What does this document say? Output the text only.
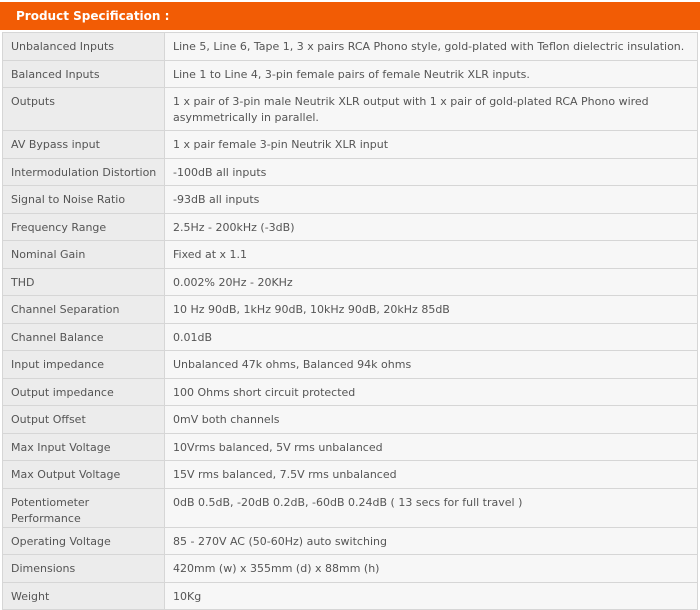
Product Specification :
Unbalanced Inputs	Line 5, Line 6, Tape 1, 3 x pairs RCA Phono style, gold-plated with Teflon dielectric insulation.
Balanced Inputs	Line 1 to Line 4, 3-pin female pairs of female Neutrik XLR inputs.
Outputs	1 x pair of 3-pin male Neutrik XLR output with 1 x pair of gold-plated RCA Phono wired asymmetrically in parallel.
AV Bypass input	1 x pair female 3-pin Neutrik XLR input
Intermodulation Distortion	-100dB all inputs
Signal to Noise Ratio	-93dB all inputs
Frequency Range	2.5Hz - 200kHz (-3dB)
Nominal Gain	Fixed at x 1.1
THD	0.002% 20Hz - 20KHz
Channel Separation	10 Hz 90dB, 1kHz 90dB, 10kHz 90dB, 20kHz 85dB
Channel Balance	0.01dB
Input impedance	Unbalanced 47k ohms, Balanced 94k ohms
Output impedance	100 Ohms short circuit protected
Output Offset	0mV both channels
Max Input Voltage	10Vrms balanced, 5V rms unbalanced
Max Output Voltage	15V rms balanced, 7.5V rms unbalanced
Potentiometer Performance	0dB 0.5dB, -20dB 0.2dB, -60dB 0.24dB ( 13 secs for full travel )
Operating Voltage	85 - 270V AC (50-60Hz) auto switching
Dimensions	420mm (w) x 355mm (d) x 88mm (h)
Weight	10Kg
